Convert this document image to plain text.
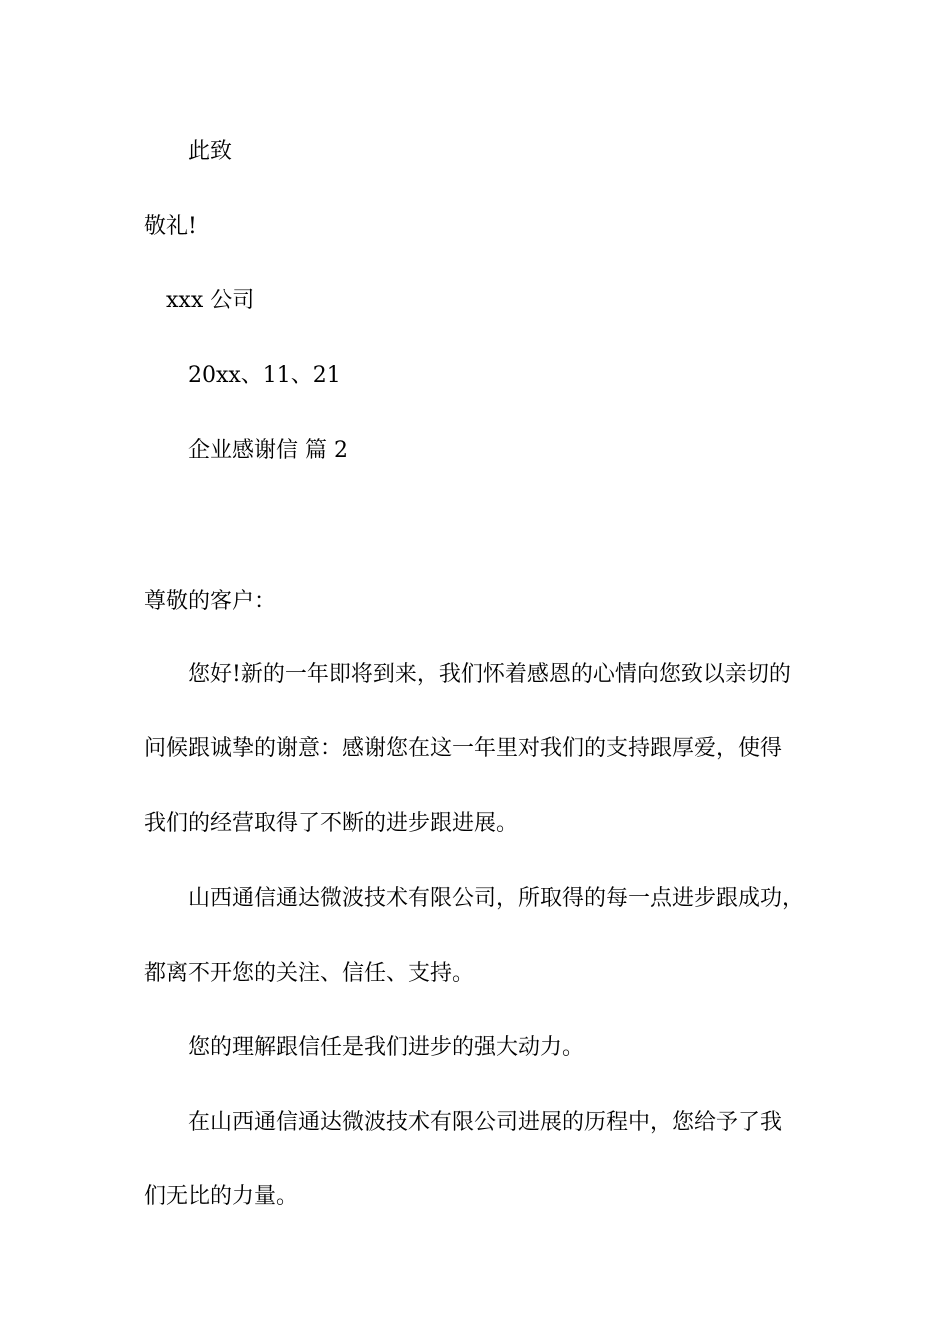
此致

敬礼!

xxx 公司

20xx、11、21

企业感谢信 篇 2

尊敬的客户：

您好!新的一年即将到来，我们怀着感恩的心情向您致以亲切的

问候跟诚挚的谢意：感谢您在这一年里对我们的支持跟厚爱，使得

我们的经营取得了不断的进步跟进展。

山西通信通达微波技术有限公司，所取得的每一点进步跟成功，

都离不开您的关注、信任、支持。

您的理解跟信任是我们进步的强大动力。

在山西通信通达微波技术有限公司进展的历程中，您给予了我

们无比的力量。
